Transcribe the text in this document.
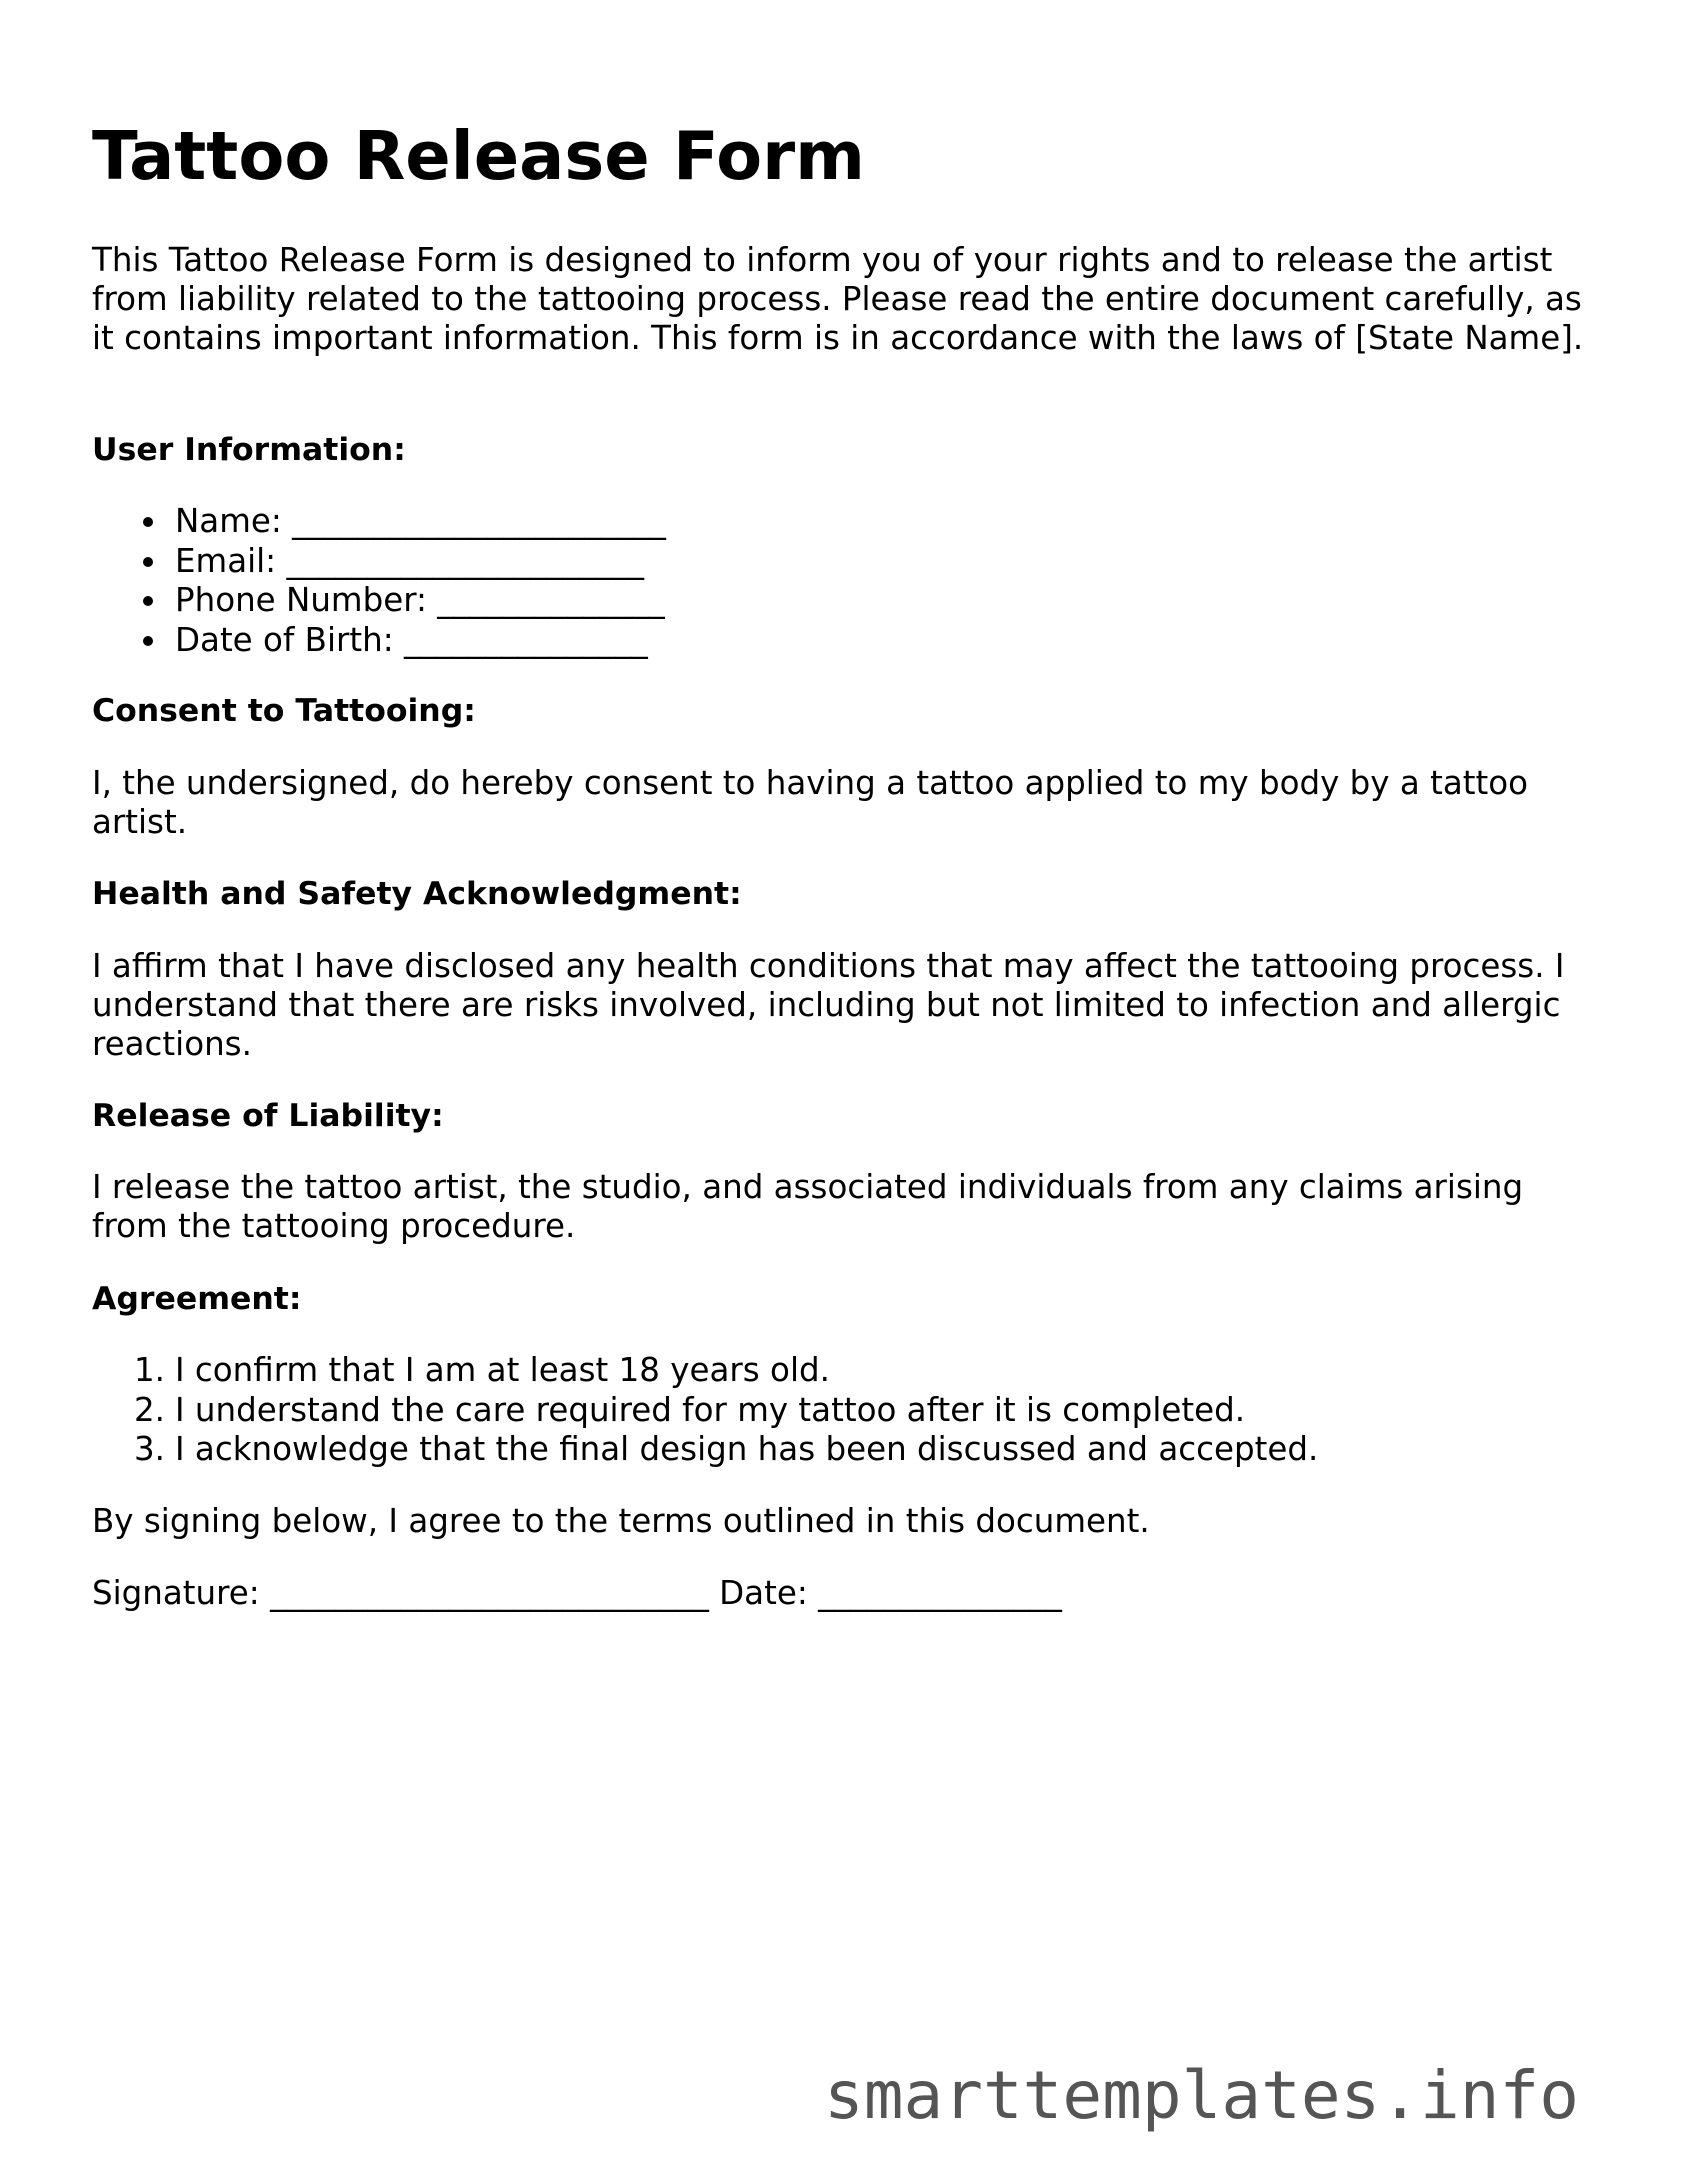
Tattoo Release Form

This Tattoo Release Form is designed to inform you of your rights and to release the artist from liability related to the tattooing process. Please read the entire document carefully, as it contains important information. This form is in accordance with the laws of [State Name].

User Information:
Name: _______________________
Email: ______________________
Phone Number: ______________
Date of Birth: _______________
Consent to Tattooing:

I, the undersigned, do hereby consent to having a tattoo applied to my body by a tattoo artist.

Health and Safety Acknowledgment:

I affirm that I have disclosed any health conditions that may affect the tattooing process. I understand that there are risks involved, including but not limited to infection and allergic reactions.

Release of Liability:

I release the tattoo artist, the studio, and associated individuals from any claims arising from the tattooing procedure.

Agreement:
1. I confirm that I am at least 18 years old.
2. I understand the care required for my tattoo after it is completed.
3. I acknowledge that the final design has been discussed and accepted.

By signing below, I agree to the terms outlined in this document.

Signature: ___________________________ Date: _______________

smarttemplates.info
